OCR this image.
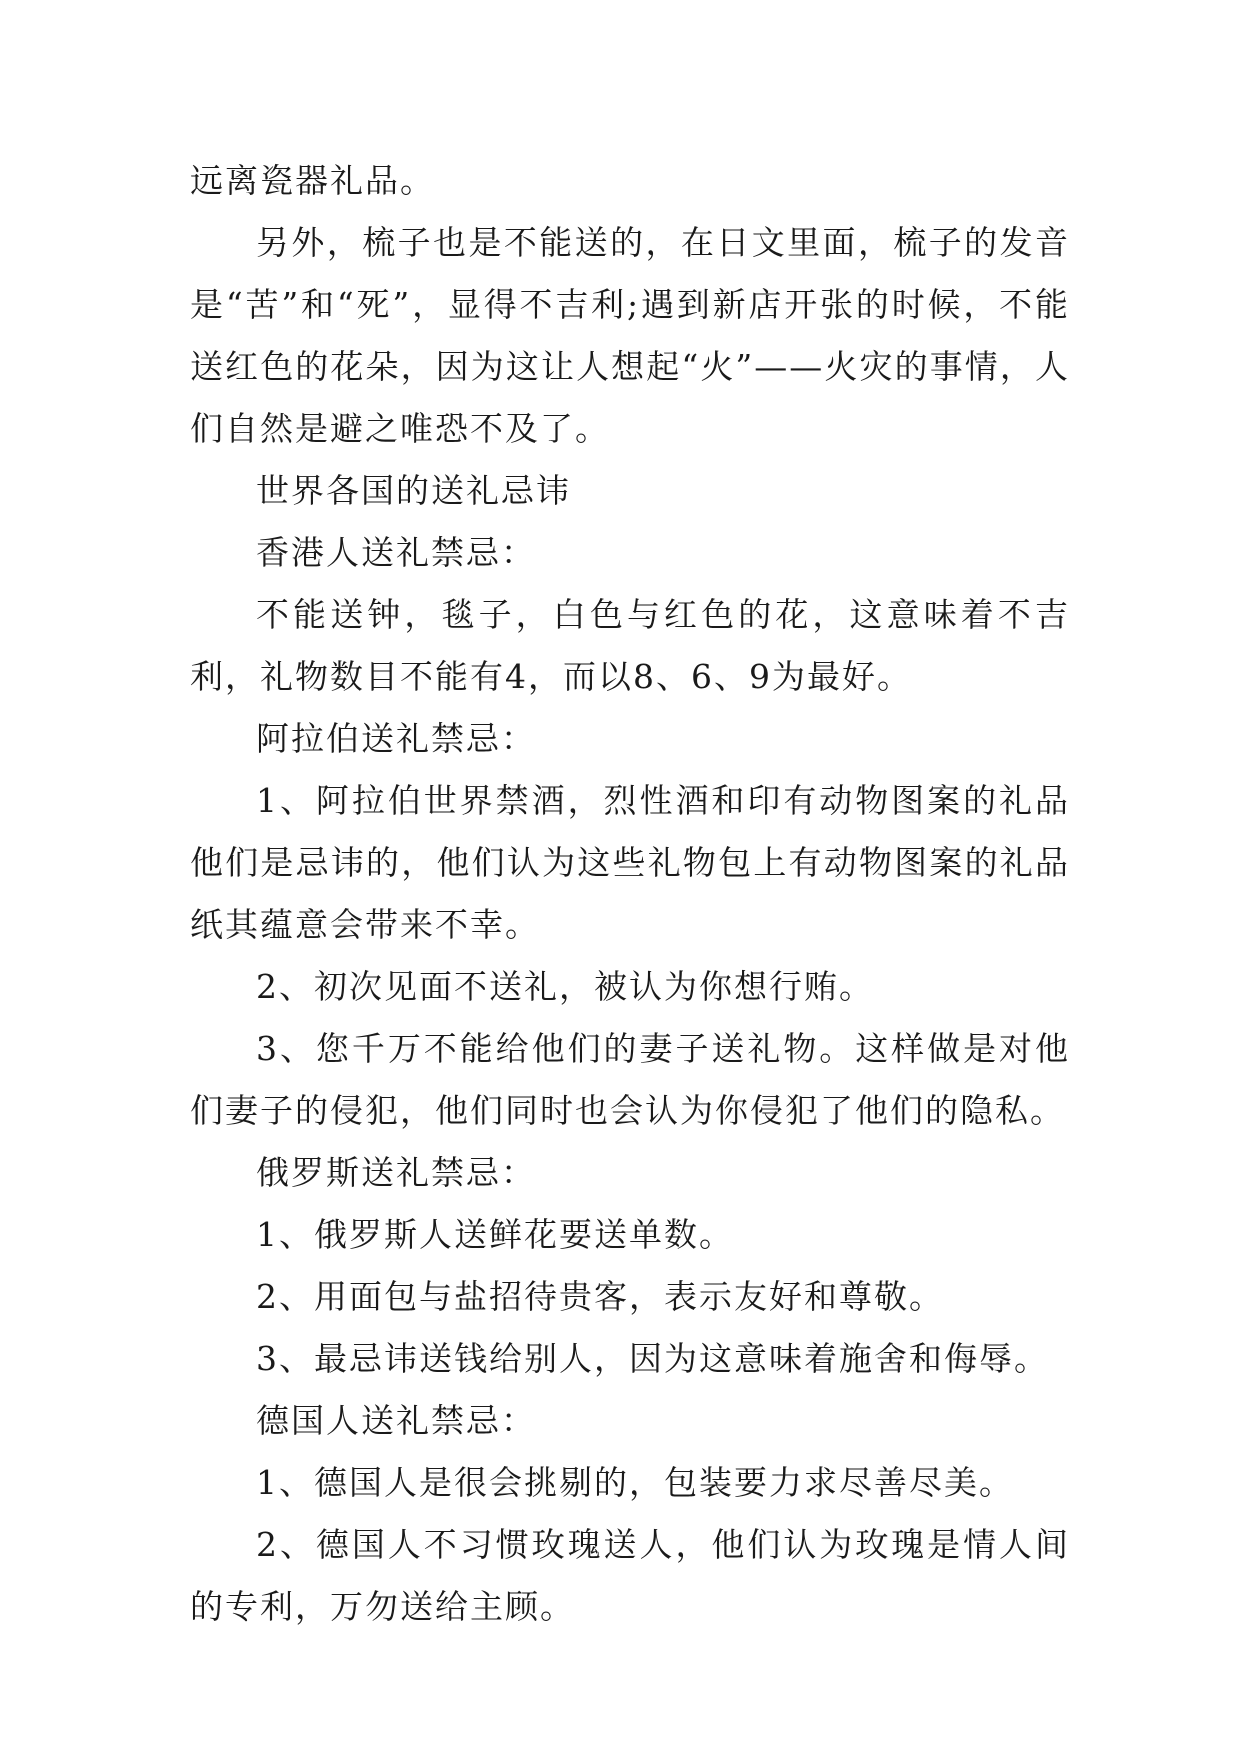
远离瓷器礼品。

另外，梳子也是不能送的，在日文里面，梳子的发音是“苦”和“死”，显得不吉利;遇到新店开张的时候，不能送红色的花朵，因为这让人想起“火”——火灾的事情，人们自然是避之唯恐不及了。

世界各国的送礼忌讳

香港人送礼禁忌：

不能送钟，毯子，白色与红色的花，这意味着不吉利，礼物数目不能有4，而以8、6、9为最好。

阿拉伯送礼禁忌：

1、阿拉伯世界禁酒，烈性酒和印有动物图案的礼品他们是忌讳的，他们认为这些礼物包上有动物图案的礼品纸其蕴意会带来不幸。

2、初次见面不送礼，被认为你想行贿。

3、您千万不能给他们的妻子送礼物。这样做是对他们妻子的侵犯，他们同时也会认为你侵犯了他们的隐私。

俄罗斯送礼禁忌：

1、俄罗斯人送鲜花要送单数。

2、用面包与盐招待贵客，表示友好和尊敬。

3、最忌讳送钱给别人，因为这意味着施舍和侮辱。

德国人送礼禁忌：

1、德国人是很会挑剔的，包装要力求尽善尽美。

2、德国人不习惯玫瑰送人，他们认为玫瑰是情人间的专利，万勿送给主顾。
